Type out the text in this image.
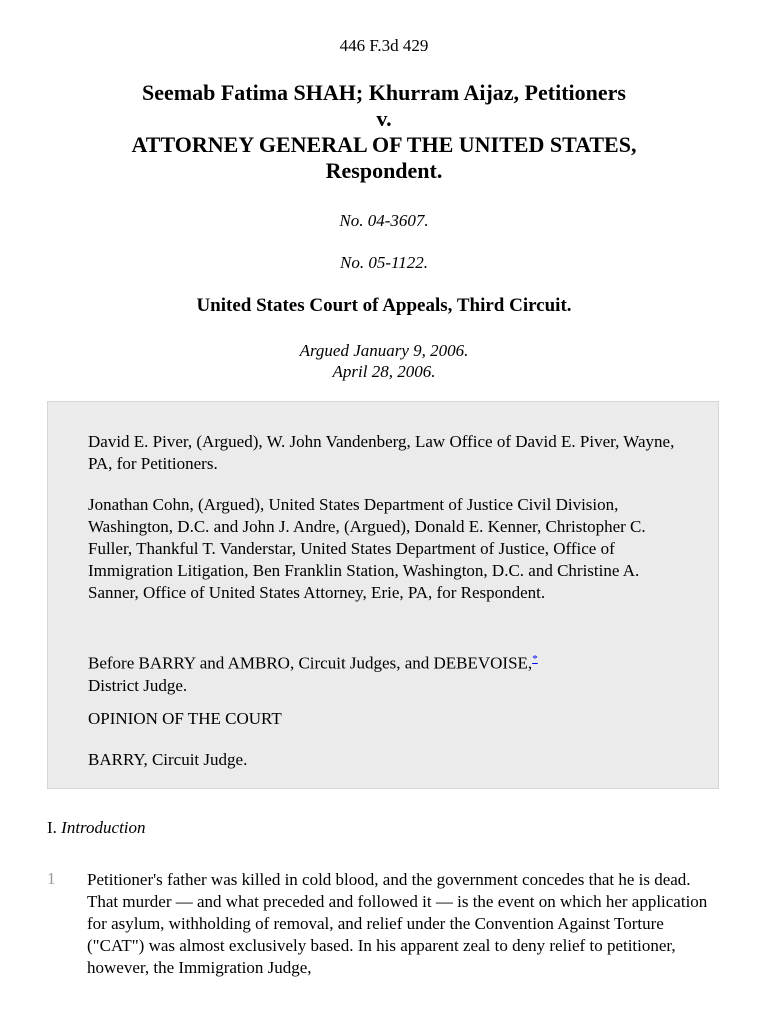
446 F.3d 429
Seemab Fatima SHAH; Khurram Aijaz, Petitioners
v.
ATTORNEY GENERAL OF THE UNITED STATES,
Respondent.
No. 04-3607.
No. 05-1122.
United States Court of Appeals, Third Circuit.
Argued January 9, 2006.
April 28, 2006.

David E. Piver, (Argued), W. John Vandenberg, Law Office of David E. Piver, Wayne, PA, for Petitioners.

Jonathan Cohn, (Argued), United States Department of Justice Civil Division, Washington, D.C. and John J. Andre, (Argued), Donald E. Kenner, Christopher C. Fuller, Thankful T. Vanderstar, United States Department of Justice, Office of Immigration Litigation, Ben Franklin Station, Washington, D.C. and Christine A. Sanner, Office of United States Attorney, Erie, PA, for Respondent.

Before BARRY and AMBRO, Circuit Judges, and DEBEVOISE,*
District Judge.

OPINION OF THE COURT

BARRY, Circuit Judge.

I. Introduction
1 Petitioner's father was killed in cold blood, and the government concedes that he is dead. That murder — and what preceded and followed it — is the event on which her application for asylum, withholding of removal, and relief under the Convention Against Torture ("CAT") was almost exclusively based. In his apparent zeal to deny relief to petitioner, however, the Immigration Judge,
